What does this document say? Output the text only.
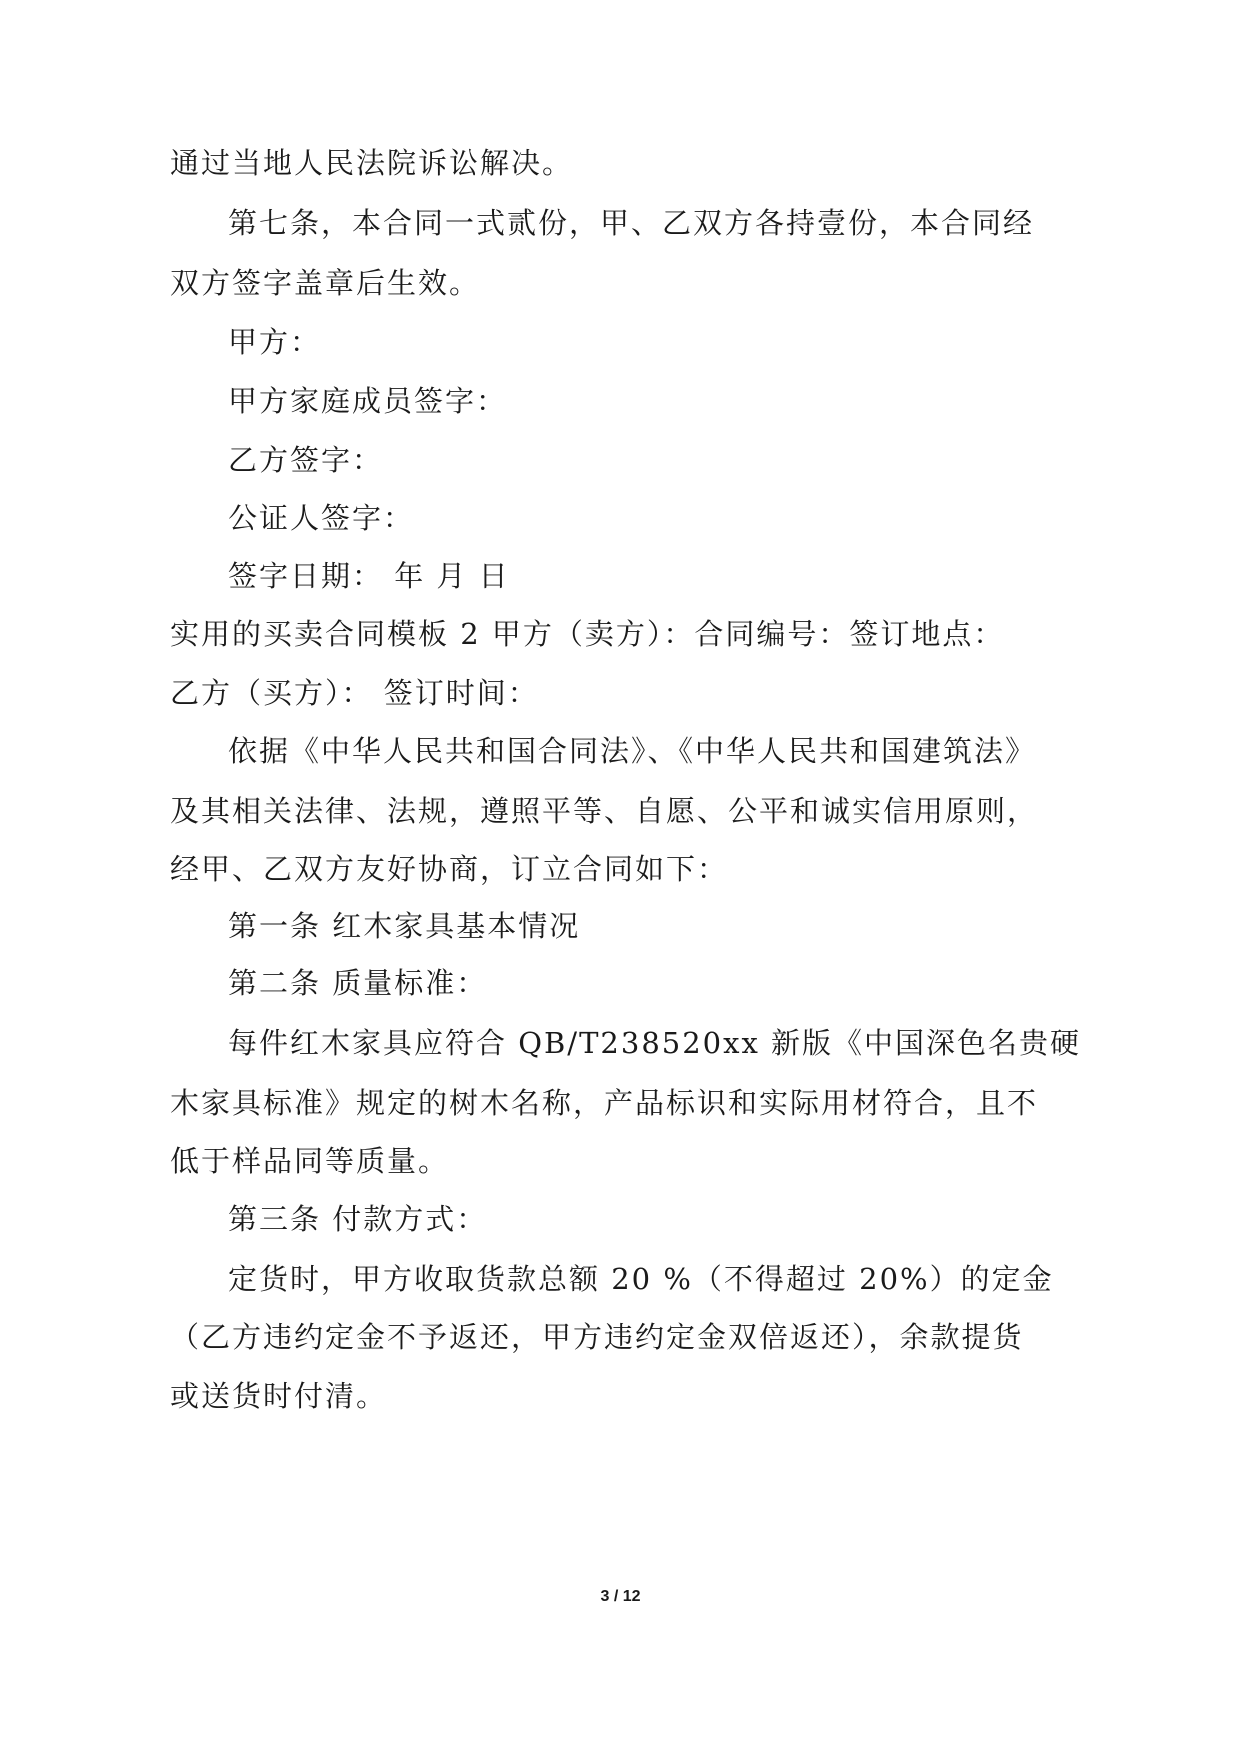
通过当地人民法院诉讼解决。
第七条，本合同一式贰份，甲、乙双方各持壹份，本合同经
双方签字盖章后生效。
甲方：
甲方家庭成员签字：
乙方签字：
公证人签字：
签字日期： 年 月 日
实用的买卖合同模板 2 甲方（卖方）：合同编号：签订地点：
乙方（买方）： 签订时间：
依据《中华人民共和国合同法》、《中华人民共和国建筑法》
及其相关法律、法规，遵照平等、自愿、公平和诚实信用原则，
经甲、乙双方友好协商，订立合同如下：
第一条 红木家具基本情况
第二条 质量标准：
每件红木家具应符合 QB/T238520xx 新版《中国深色名贵硬
木家具标准》规定的树木名称，产品标识和实际用材符合，且不
低于样品同等质量。
第三条 付款方式：
定货时，甲方收取货款总额 20 %（不得超过 20%）的定金
（乙方违约定金不予返还，甲方违约定金双倍返还），余款提货
或送货时付清。
3 / 12
